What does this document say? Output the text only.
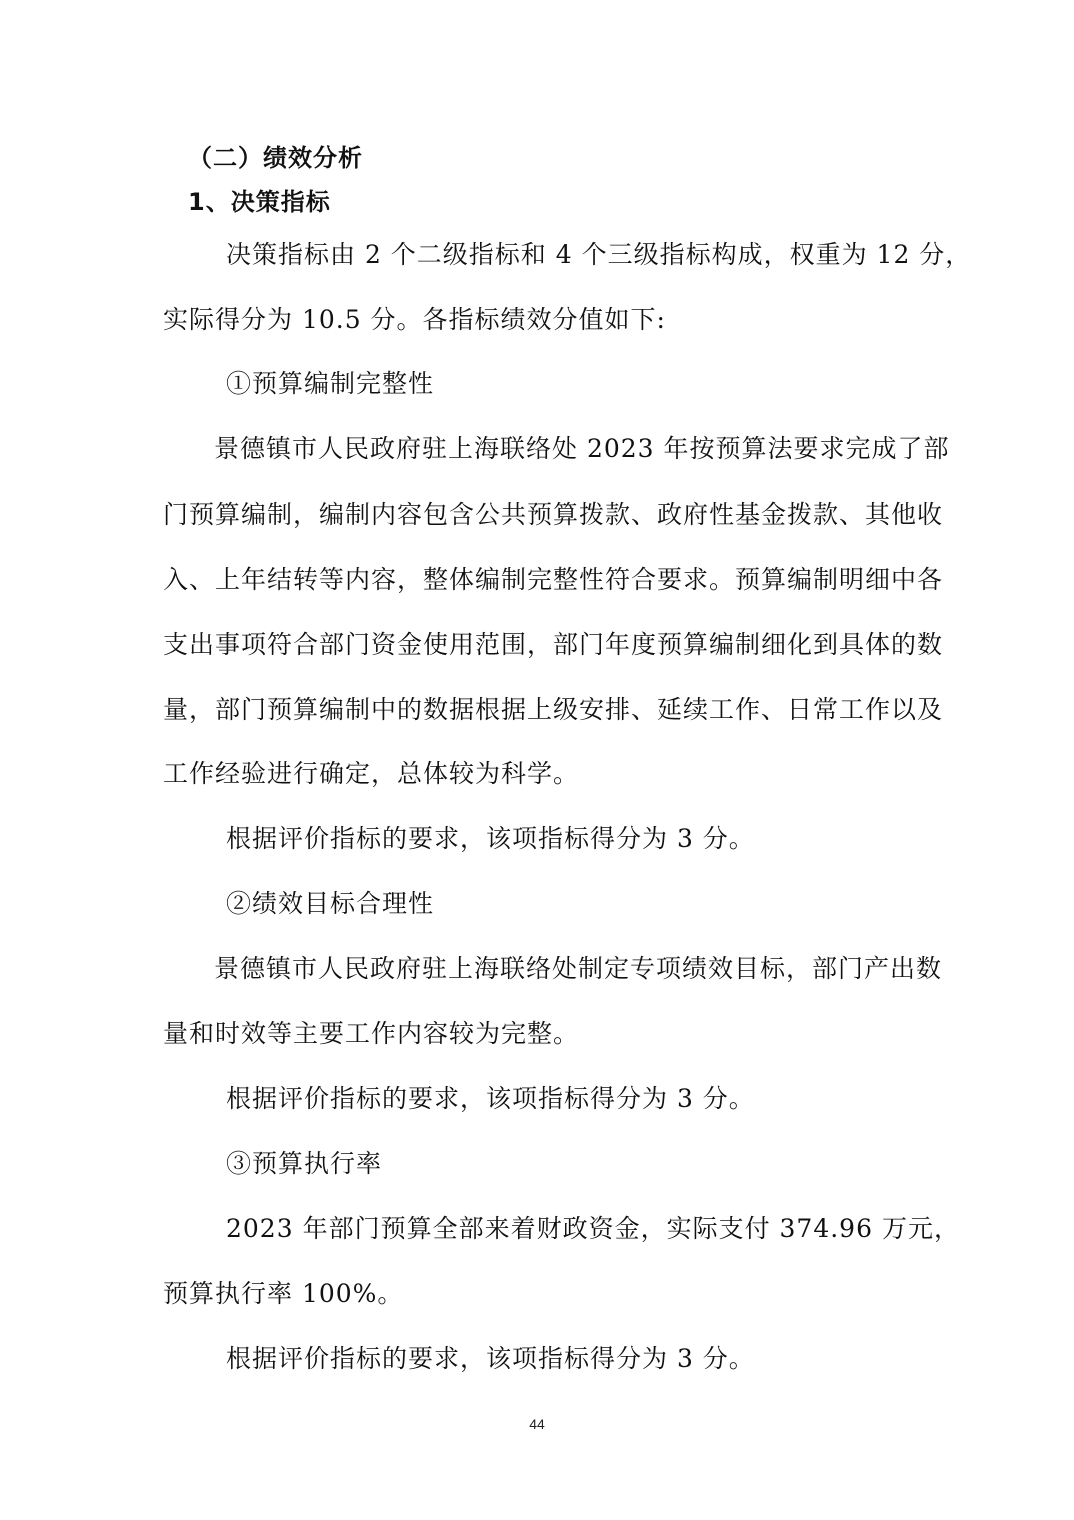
（二）绩效分析
1、决策指标
决策指标由 2 个二级指标和 4 个三级指标构成，权重为 12 分，
实际得分为 10.5 分。各指标绩效分值如下:
①预算编制完整性
景德镇市人民政府驻上海联络处 2023 年按预算法要求完成了部
门预算编制，编制内容包含公共预算拨款、政府性基金拨款、其他收
入、上年结转等内容，整体编制完整性符合要求。预算编制明细中各
支出事项符合部门资金使用范围，部门年度预算编制细化到具体的数
量，部门预算编制中的数据根据上级安排、延续工作、日常工作以及
工作经验进行确定，总体较为科学。
根据评价指标的要求，该项指标得分为 3 分。
②绩效目标合理性
景德镇市人民政府驻上海联络处制定专项绩效目标，部门产出数
量和时效等主要工作内容较为完整。
根据评价指标的要求，该项指标得分为 3 分。
③预算执行率
2023 年部门预算全部来着财政资金，实际支付 374.96 万元，
预算执行率 100%。
根据评价指标的要求，该项指标得分为 3 分。
44
